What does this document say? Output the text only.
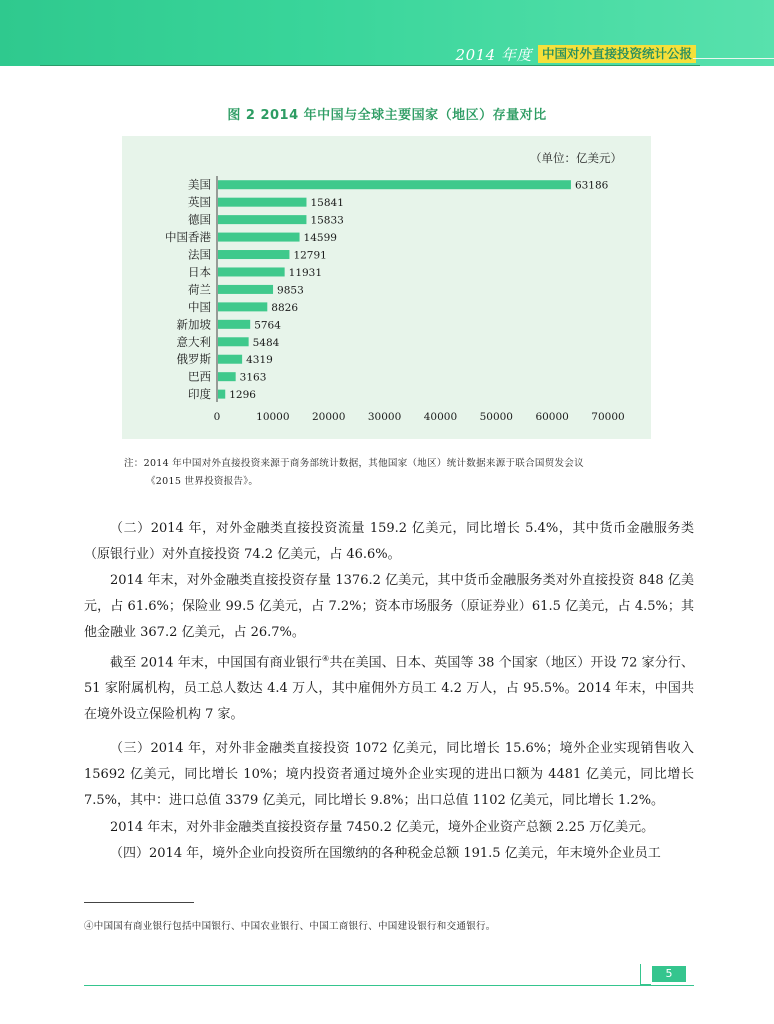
2014 年度 中国对外直接投资统计公报
图 2 2014 年中国与全球主要国家（地区）存量对比
（单位：亿美元）
美国	63186
英国	15841
德国	15833
中国香港	14599
法国	12791
日本	11931
荷兰	9853
中国	8826
新加坡	5764
意大利	5484
俄罗斯	4319
巴西	3163
印度 1296
0	10000 20000 30000 40000 50000 60000 70000
注：2014 年中国对外直接投资来源于商务部统计数据，其他国家（地区）统计数据来源于联合国贸发会议
《2015 世界投资报告》。

（二）2014 年，对外金融类直接投资流量 159.2 亿美元，同比增长 5.4%，其中货币金融服务类（原银行业）对外直接投资 74.2 亿美元，占 46.6%。

2014 年末，对外金融类直接投资存量 1376.2 亿美元，其中货币金融服务类对外直接投资 848 亿美元，占 61.6%；保险业 99.5 亿美元，占 7.2%；资本市场服务（原证券业）61.5 亿美元，占 4.5%；其他金融业 367.2 亿美元，占 26.7%。

截至 2014 年末，中国国有商业银行④共在美国、日本、英国等 38 个国家（地区）开设 72 家分行、51 家附属机构，员工总人数达 4.4 万人，其中雇佣外方员工 4.2 万人，占 95.5%。2014 年末，中国共在境外设立保险机构 7 家。

（三）2014 年，对外非金融类直接投资 1072 亿美元，同比增长 15.6%；境外企业实现销售收入 15692 亿美元，同比增长 10%；境内投资者通过境外企业实现的进出口额为 4481 亿美元，同比增长 7.5%，其中：进口总值 3379 亿美元，同比增长 9.8%；出口总值 1102 亿美元，同比增长 1.2%。

2014 年末，对外非金融类直接投资存量 7450.2 亿美元，境外企业资产总额 2.25 万亿美元。

（四）2014 年，境外企业向投资所在国缴纳的各种税金总额 191.5 亿美元，年末境外企业员工

④中国国有商业银行包括中国银行、中国农业银行、中国工商银行、中国建设银行和交通银行。
5
